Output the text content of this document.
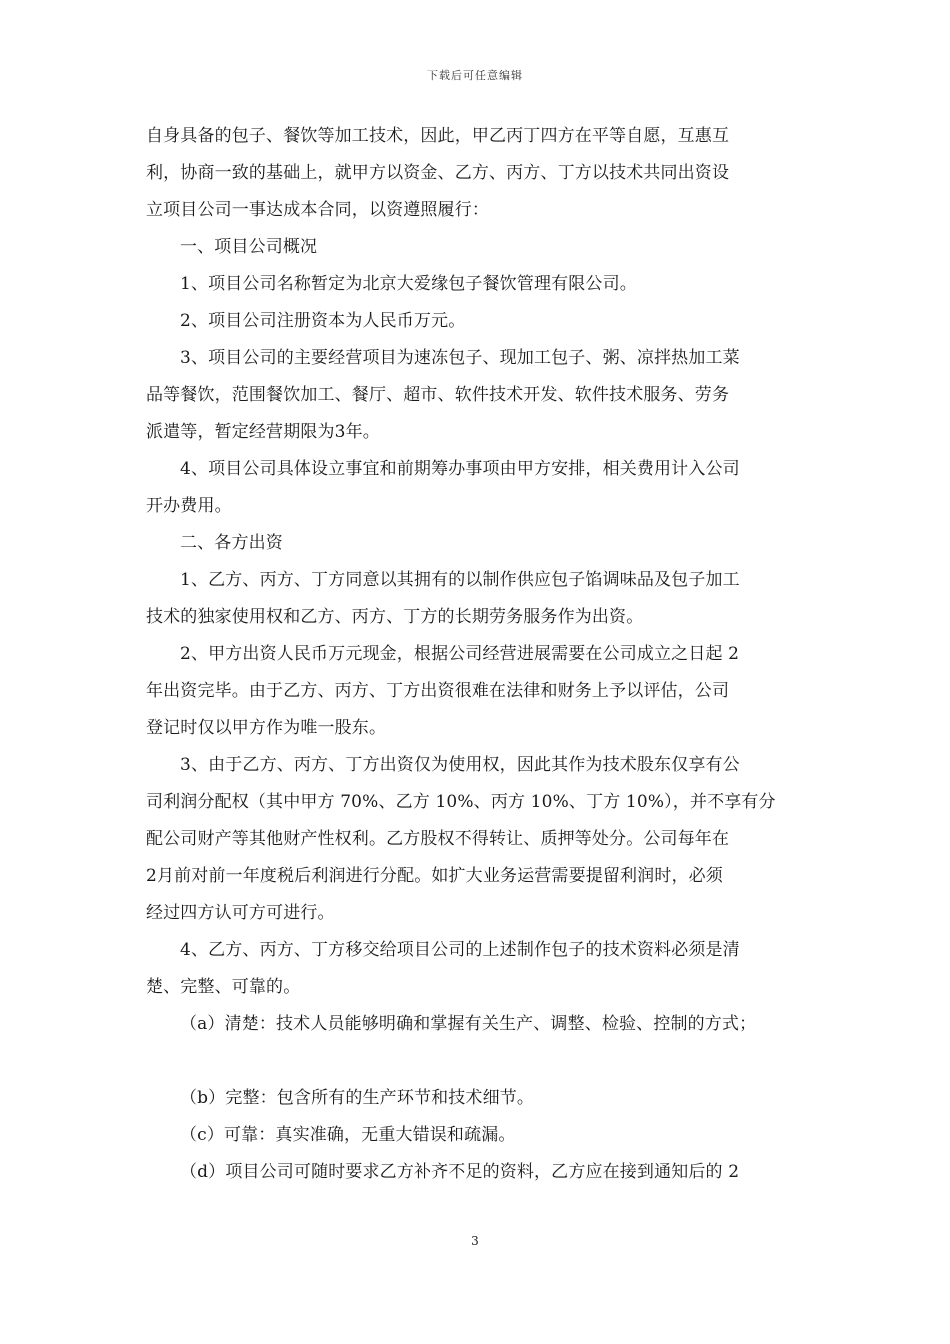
下载后可任意编辑
自身具备的包子、餐饮等加工技术，因此，甲乙丙丁四方在平等自愿，互惠互
利，协商一致的基础上，就甲方以资金、乙方、丙方、丁方以技术共同出资设
立项目公司一事达成本合同，以资遵照履行：
一、项目公司概况
1、项目公司名称暂定为北京大爱缘包子餐饮管理有限公司。
2、项目公司注册资本为人民币万元。
3、项目公司的主要经营项目为速冻包子、现加工包子、粥、凉拌热加工菜
品等餐饮，范围餐饮加工、餐厅、超市、软件技术开发、软件技术服务、劳务
派遣等，暂定经营期限为3年。
4、项目公司具体设立事宜和前期筹办事项由甲方安排，相关费用计入公司
开办费用。
二、各方出资
1、乙方、丙方、丁方同意以其拥有的以制作供应包子馅调味品及包子加工
技术的独家使用权和乙方、丙方、丁方的长期劳务服务作为出资。
2、甲方出资人民币万元现金，根据公司经营进展需要在公司成立之日起 2
年出资完毕。由于乙方、丙方、丁方出资很难在法律和财务上予以评估，公司
登记时仅以甲方作为唯一股东。
3、由于乙方、丙方、丁方出资仅为使用权，因此其作为技术股东仅享有公
司利润分配权（其中甲方 70%、乙方 10%、丙方 10%、丁方 10%），并不享有分
配公司财产等其他财产性权利。乙方股权不得转让、质押等处分。公司每年在
2月前对前一年度税后利润进行分配。如扩大业务运营需要提留利润时，必须
经过四方认可方可进行。
4、乙方、丙方、丁方移交给项目公司的上述制作包子的技术资料必须是清
楚、完整、可靠的。
（a）清楚：技术人员能够明确和掌握有关生产、调整、检验、控制的方式；
（b）完整：包含所有的生产环节和技术细节。
（c）可靠：真实准确，无重大错误和疏漏。
（d）项目公司可随时要求乙方补齐不足的资料，乙方应在接到通知后的 2
3
